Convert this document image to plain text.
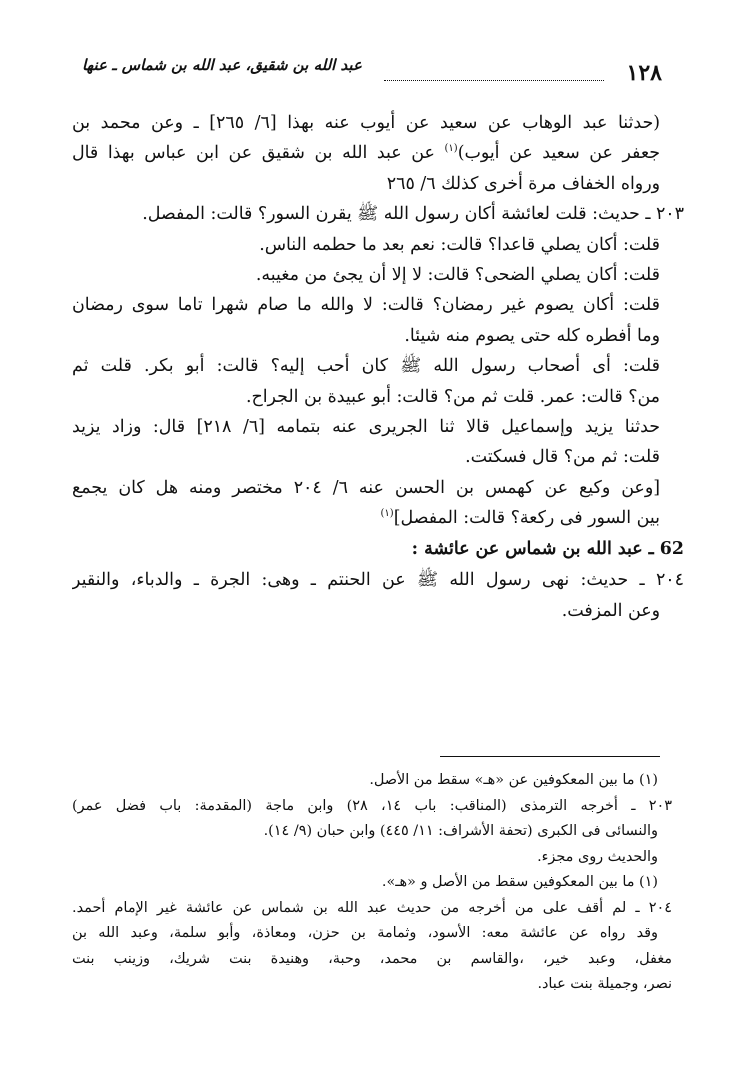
١٢٨
عبد الله بن شقيق، عبد الله بن شماس ـ عنها
(حدثنا عبد الوهاب عن سعيد عن أيوب عنه بهذا [٦/ ٢٦٥] ـ وعن محمد بن
جعفر عن سعيد عن أيوب)$^{(١)}$ عن عبد الله بن شقيق عن ابن عباس بهذا قال
ورواه الخفاف مرة أخرى كذلك ٦/ ٢٦٥
٢٠٣ ـ حديث: قلت لعائشة أكان رسول الله ﷺ يقرن السور؟ قالت: المفصل.
قلت: أكان يصلي قاعدا؟ قالت: نعم بعد ما حطمه الناس.
قلت: أكان يصلي الضحى؟ قالت: لا إلا أن يجئ من مغيبه.
قلت: أكان يصوم غير رمضان؟ قالت: لا والله ما صام شهرا تاما سوى رمضان
وما أفطره كله حتى يصوم منه شيئا.
قلت: أى أصحاب رسول الله ﷺ كان أحب إليه؟ قالت: أبو بكر. قلت ثم
من؟ قالت: عمر. قلت ثم من؟ قالت: أبو عبيدة بن الجراح.
حدثنا يزيد وإسماعيل قالا ثنا الجريرى عنه بتمامه [٦/ ٢١٨] قال: وزاد يزيد
قلت: ثم من؟ قال فسكتت.
[وعن وكيع عن كهمس بن الحسن عنه ٦/ ٢٠٤ مختصر ومنه هل كان يجمع
بين السور فى ركعة؟ قالت: المفصل]$^{(١)}$
62 ـ عبد الله بن شماس عن عائشة :
٢٠٤ ـ حديث: نهى رسول الله ﷺ عن الحنتم ـ وهى: الجرة ـ والدباء، والنقير
وعن المزفت.
(١) ما بين المعكوفين عن «هـ» سقط من الأصل.
٢٠٣ ـ أخرجه الترمذى (المناقب: باب ١٤، ٢٨) وابن ماجة (المقدمة: باب فضل عمر)
والنسائى فى الكبرى (تحفة الأشراف: ١١/ ٤٤٥) وابن حبان (٩/ ١٤).
والحديث روى مجزء.
(١) ما بين المعكوفين سقط من الأصل و «هـ».
٢٠٤ ـ لم أقف على من أخرجه من حديث عبد الله بن شماس عن عائشة غير الإمام أحمد.
وقد رواه عن عائشة معه: الأسود، وثمامة بن حزن، ومعاذة، وأبو سلمة، وعبد الله بن
مغفل، وعبد خير، ،والقاسم بن محمد، وحبة، وهنيدة بنت شريك، وزينب بنت
نصر، وجميلة بنت عباد.
